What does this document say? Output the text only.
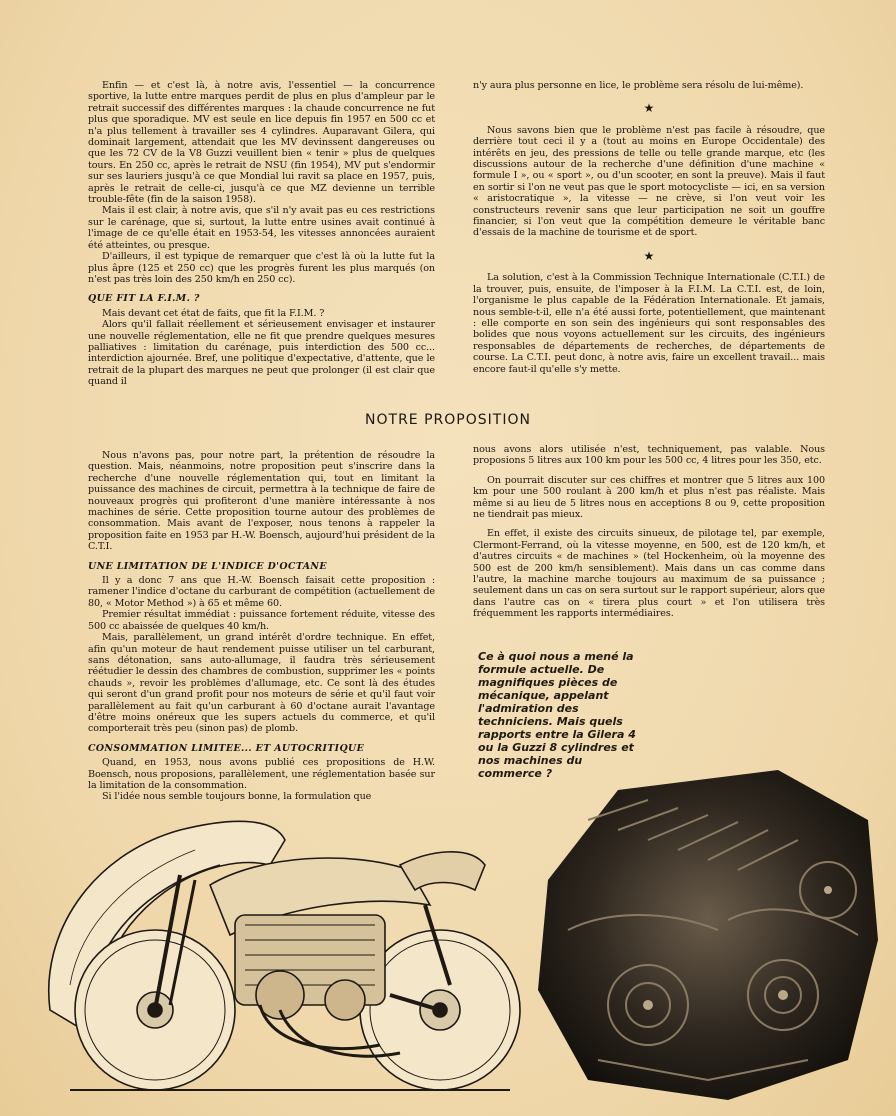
Enfin — et c'est là, à notre avis, l'essentiel — la concurrence sportive, la lutte entre marques perdit de plus en plus d'ampleur par le retrait successif des différentes marques : la chaude concurrence ne fut plus que sporadique. MV est seule en lice depuis fin 1957 en 500 cc et n'a plus tellement à travailler ses 4 cylindres. Auparavant Gilera, qui dominait largement, attendait que les MV devinssent dangereuses ou que les 72 CV de la V8 Guzzi veuillent bien « tenir » plus de quelques tours. En 250 cc, après le retrait de NSU (fin 1954), MV put s'endormir sur ses lauriers jusqu'à ce que Mondial lui ravit sa place en 1957, puis, après le retrait de celle-ci, jusqu'à ce que MZ devienne un terrible trouble-fête (fin de la saison 1958).

Mais il est clair, à notre avis, que s'il n'y avait pas eu ces restrictions sur le carénage, que si, surtout, la lutte entre usines avait continué à l'image de ce qu'elle était en 1953-54, les vitesses annoncées auraient été atteintes, ou presque.

D'ailleurs, il est typique de remarquer que c'est là où la lutte fut la plus âpre (125 et 250 cc) que les progrès furent les plus marqués (on n'est pas très loin des 250 km/h en 250 cc).

QUE FIT LA F.I.M. ?

Mais devant cet état de faits, que fit la F.I.M. ?

Alors qu'il fallait réellement et sérieusement envisager et instaurer une nouvelle réglementation, elle ne fit que prendre quelques mesures palliatives : limitation du carénage, puis interdiction des 500 cc... interdiction ajournée. Bref, une politique d'expectative, d'attente, que le retrait de la plupart des marques ne peut que prolonger (il est clair que quand il

n'y aura plus personne en lice, le problème sera résolu de lui-même).

★

Nous savons bien que le problème n'est pas facile à résoudre, que derrière tout ceci il y a (tout au moins en Europe Occidentale) des intérêts en jeu, des pressions de telle ou telle grande marque, etc (les discussions autour de la recherche d'une définition d'une machine « formule I », ou « sport », ou d'un scooter, en sont la preuve). Mais il faut en sortir si l'on ne veut pas que le sport motocycliste — ici, en sa version « aristocratique », la vitesse — ne crève, si l'on veut voir les constructeurs revenir sans que leur participation ne soit un gouffre financier, si l'on veut que la compétition demeure le véritable banc d'essais de la machine de tourisme et de sport.

★

La solution, c'est à la Commission Technique Internationale (C.T.I.) de la trouver, puis, ensuite, de l'imposer à la F.I.M. La C.T.I. est, de loin, l'organisme le plus capable de la Fédération Internationale. Et jamais, nous semble-t-il, elle n'a été aussi forte, potentiellement, que maintenant : elle comporte en son sein des ingénieurs qui sont responsables des bolides que nous voyons actuellement sur les circuits, des ingénieurs responsables de départements de recherches, de départements de course. La C.T.I. peut donc, à notre avis, faire un excellent travail... mais encore faut-il qu'elle s'y mette.

NOTRE PROPOSITION

Nous n'avons pas, pour notre part, la prétention de résoudre la question. Mais, néanmoins, notre proposition peut s'inscrire dans la recherche d'une nouvelle réglementation qui, tout en limitant la puissance des machines de circuit, permettra à la technique de faire de nouveaux progrès qui profiteront d'une manière intéressante à nos machines de série. Cette proposition tourne autour des problèmes de consommation. Mais avant de l'exposer, nous tenons à rappeler la proposition faite en 1953 par H.-W. Boensch, aujourd'hui président de la C.T.I.

UNE LIMITATION DE L'INDICE D'OCTANE

Il y a donc 7 ans que H.-W. Boensch faisait cette proposition : ramener l'indice d'octane du carburant de compétition (actuellement de 80, « Motor Method ») à 65 et même 60.

Premier résultat immédiat : puissance fortement réduite, vitesse des 500 cc abaissée de quelques 40 km/h.

Mais, parallèlement, un grand intérêt d'ordre technique. En effet, afin qu'un moteur de haut rendement puisse utiliser un tel carburant, sans détonation, sans auto-allumage, il faudra très sérieusement réétudier le dessin des chambres de combustion, supprimer les « points chauds », revoir les problèmes d'allumage, etc. Ce sont là des études qui seront d'un grand profit pour nos moteurs de série et qu'il faut voir parallèlement au fait qu'un carburant à 60 d'octane aurait l'avantage d'être moins onéreux que les supers actuels du commerce, et qu'il comporterait très peu (sinon pas) de plomb.

CONSOMMATION LIMITEE... ET AUTOCRITIQUE

Quand, en 1953, nous avons publié ces propositions de H.W. Boensch, nous proposions, parallèlement, une réglementation basée sur la limitation de la consommation.

Si l'idée nous semble toujours bonne, la formulation que

nous avons alors utilisée n'est, techniquement, pas valable. Nous proposions 5 litres aux 100 km pour les 500 cc, 4 litres pour les 350, etc.

On pourrait discuter sur ces chiffres et montrer que 5 litres aux 100 km pour une 500 roulant à 200 km/h et plus n'est pas réaliste. Mais même si au lieu de 5 litres nous en acceptions 8 ou 9, cette proposition ne tiendrait pas mieux.

En effet, il existe des circuits sinueux, de pilotage tel, par exemple, Clermont-Ferrand, où la vitesse moyenne, en 500, est de 120 km/h, et d'autres circuits « de machines » (tel Hockenheim, où la moyenne des 500 est de 200 km/h sensiblement). Mais dans un cas comme dans l'autre, la machine marche toujours au maximum de sa puissance ; seulement dans un cas on sera surtout sur le rapport supérieur, alors que dans l'autre cas on « tirera plus court » et l'on utilisera très fréquemment les rapports intermédiaires.

Ce à quoi nous a mené la formule actuelle. De magnifiques pièces de mécanique, appelant l'admiration des techniciens. Mais quels rapports entre la Gilera 4 ou la Guzzi 8 cylindres et nos machines du commerce ?
